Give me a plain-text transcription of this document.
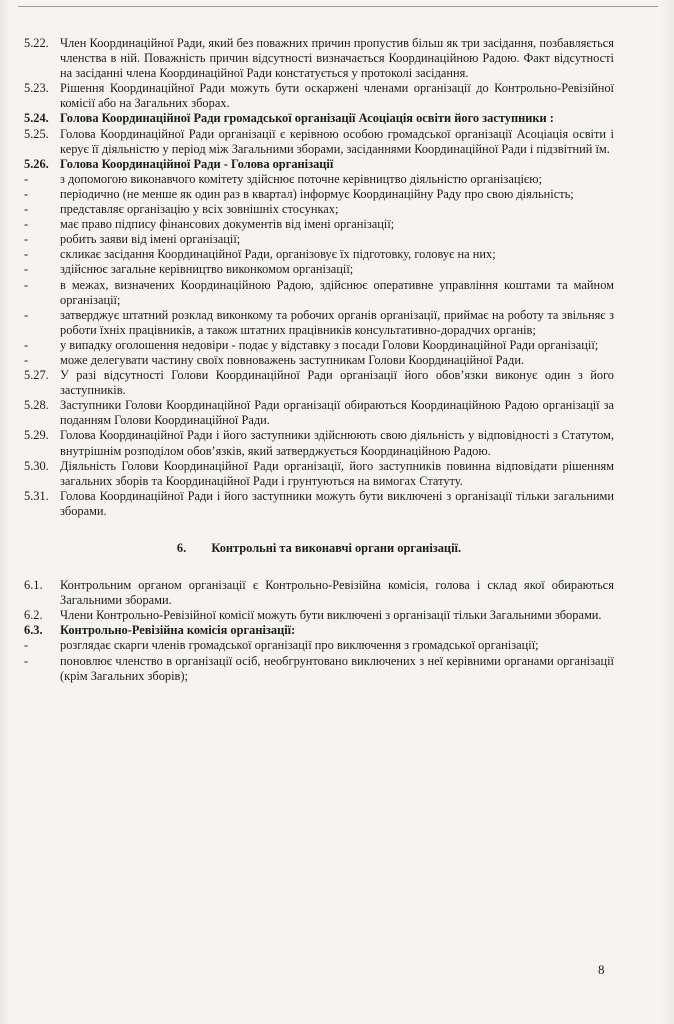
5.22. Член Координаційної Ради, який без поважних причин пропустив більш як три засідання, позбавляється членства в ній. Поважність причин відсутності визначається Координаційною Радою. Факт відсутності на засіданні члена Координаційної Ради констатується у протоколі засідання.
5.23. Рішення Координаційної Ради можуть бути оскаржені членами організації до Контрольно-Ревізійної комісії або на Загальних зборах.
5.24. Голова Координаційної Ради громадської організації Асоціація освіти його заступники :
5.25. Голова Координаційної Ради організації є керівною особою громадської організації Асоціація освіти і керує її діяльністю у період між Загальними зборами, засіданнями Координаційної Ради і підзвітний їм.
5.26. Голова Координаційної Ради - Голова організації
-	з допомогою виконавчого комітету здійснює поточне керівництво діяльністю організацією;
-	періодично (не менше як один раз в квартал) інформує Координаційну Раду про свою діяльність;
-	представляє організацію у всіх зовнішніх стосунках;
-	має право підпису фінансових документів від імені організації;
-	робить заяви від імені організації;
-	скликає засідання Координаційної Ради, організовує їх підготовку, головує на них;
-	здійснює загальне керівництво виконкомом організації;
-	в межах, визначених Координаційною Радою, здійснює оперативне управління коштами та майном організації;
-	затверджує штатний розклад виконкому та робочих органів організації, приймає на роботу та звільняє з роботи їхніх працівників, а також штатних працівників консультативно-дорадчих органів;
-	у випадку оголошення недовіри - подає у відставку з посади Голови Координаційної Ради організації;
-	може делегувати частину своїх повноважень заступникам Голови Координаційної Ради.
5.27. У разі відсутності Голови Координаційної Ради організації його обов’язки виконує один з його заступників.
5.28. Заступники Голови Координаційної Ради організації обираються Координаційною Радою організації за поданням Голови Координаційної Ради.
5.29. Голова Координаційної Ради і його заступники здійснюють свою діяльність у відповідності з Статутом, внутрішнім розподілом обов’язків, який затверджується Координаційною Радою.
5.30. Діяльність Голови Координаційної Ради організації, його заступників повинна відповідати рішенням загальних зборів та Координаційної Ради і грунтуються на вимогах Статуту.
5.31. Голова Координаційної Ради і його заступники можуть бути виключені з організації тільки загальними зборами.
6. Контрольні та виконавчі органи організації.
6.1.	Контрольним органом організації є Контрольно-Ревізійна комісія, голова і склад якої обираються Загальними зборами.
6.2.	Члени Контрольно-Ревізійної комісії можуть бути виключені з організації тільки Загальними зборами.
6.3.	Контрольно-Ревізійна комісія організації:
-	розглядає скарги членів громадської організації про виключення з громадської організації;
-	поновлює членство в організації осіб, необгрунтовано виключених з неї керівними органами організації (крім Загальних зборів);
8
